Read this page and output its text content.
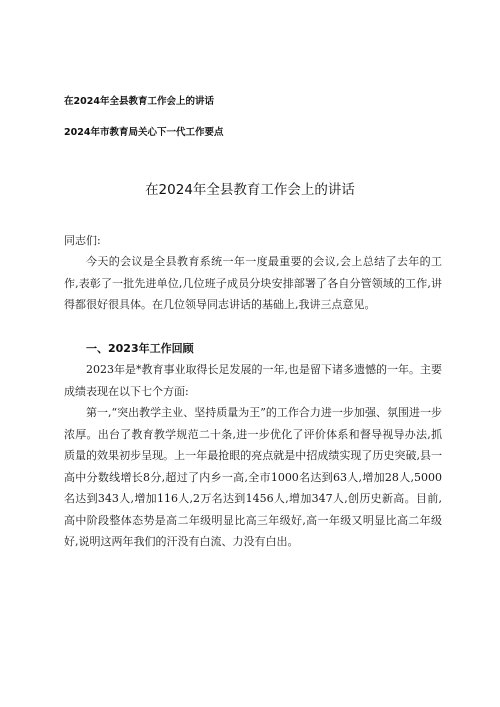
在2024年全县教育工作会上的讲话
2024年市教育局关心下一代工作要点
在2024年全县教育工作会上的讲话
同志们:
今天的会议是全县教育系统一年一度最重要的会议,会上总结了去年的工作,表彰了一批先进单位,几位班子成员分块安排部署了各自分管领域的工作,讲得都很好很具体。在几位领导同志讲话的基础上,我讲三点意见。
一、2023年工作回顾
2023年是*教育事业取得长足发展的一年,也是留下诸多遗憾的一年。主要成绩表现在以下七个方面:
第一,“突出教学主业、坚持质量为王”的工作合力进一步加强、氛围进一步浓厚。出台了教育教学规范二十条,进一步优化了评价体系和督导视导办法,抓质量的效果初步呈现。上一年最抢眼的亮点就是中招成绩实现了历史突破,县一高中分数线增长8分,超过了内乡一高,全市1000名达到63人,增加28人,5000名达到343人,增加116人,2万名达到1456人,增加347人,创历史新高。目前,高中阶段整体态势是高二年级明显比高三年级好,高一年级又明显比高二年级好,说明这两年我们的汗没有白流、力没有白出。
